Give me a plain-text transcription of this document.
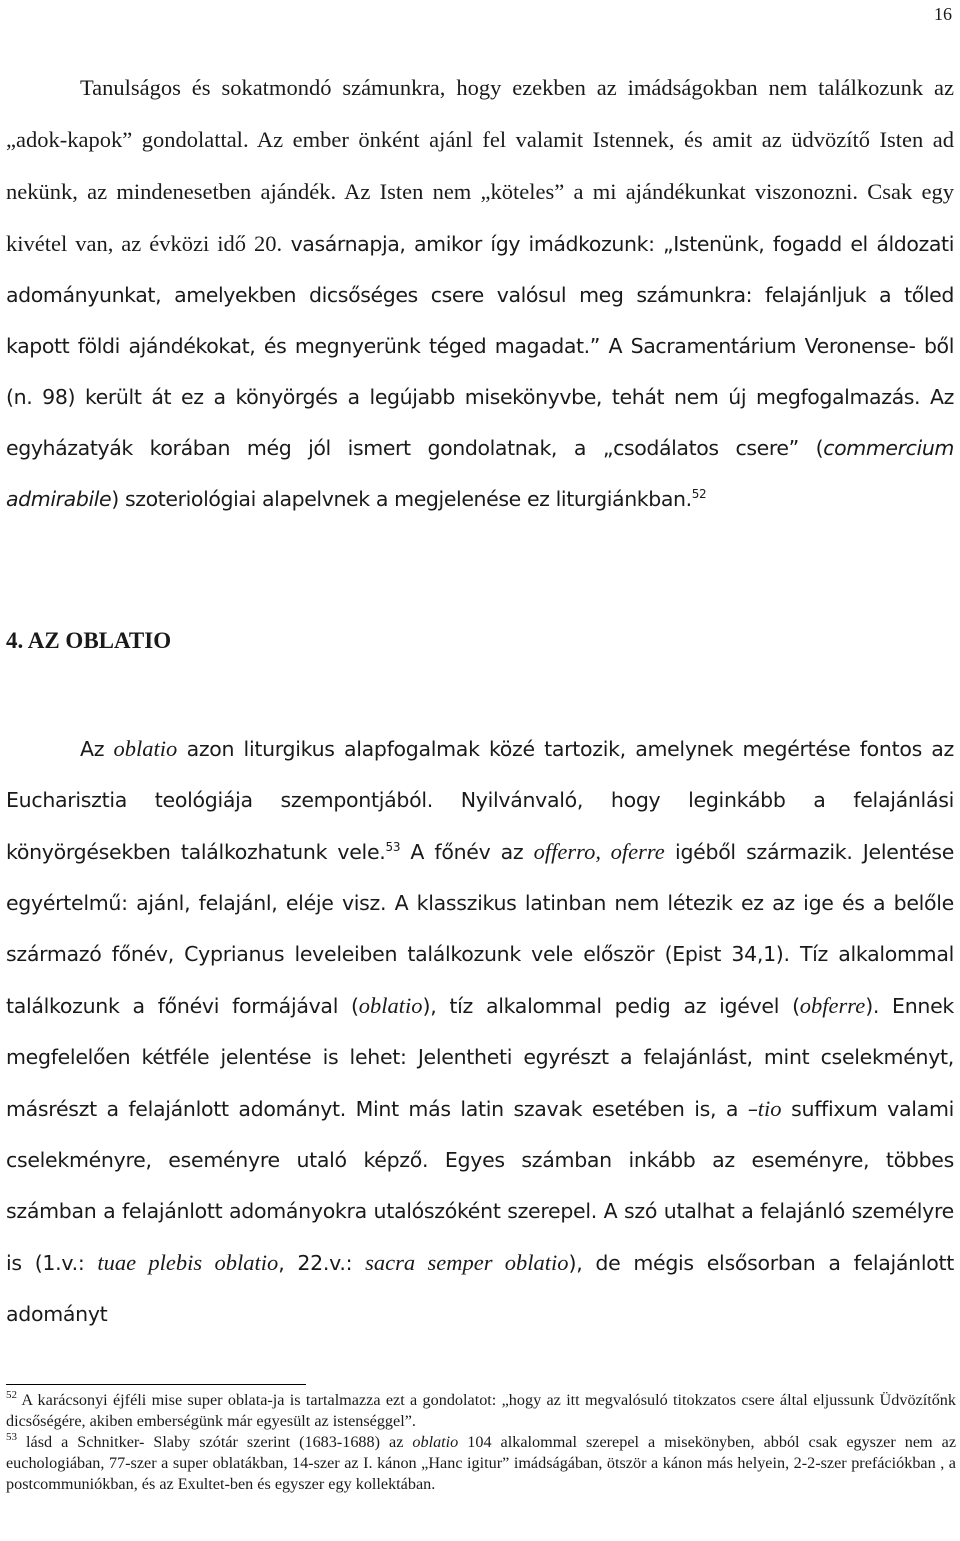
16

Tanulságos és sokatmondó számunkra, hogy ezekben az imádságokban nem találkozunk az „adok-kapok” gondolattal. Az ember önként ajánl fel valamit Istennek, és amit az üdvözítő Isten ad nekünk, az mindenesetben ajándék. Az Isten nem „köteles” a mi ajándékunkat viszonozni. Csak egy kivétel van, az évközi idő 20. vasárnapja, amikor így imádkozunk: „Istenünk, fogadd el áldozati adományunkat, amelyekben dicsőséges csere valósul meg számunkra: felajánljuk a tőled kapott földi ajándékokat, és megnyerünk téged magadat.” A Sacramentárium Veronense- ből (n. 98) került át ez a könyörgés a legújabb misekönyvbe, tehát nem új megfogalmazás. Az egyházatyák korában még jól ismert gondolatnak, a „csodálatos csere” (commercium admirabile) szoteriológiai alapelvnek a megjelenése ez liturgiánkban.$^{52}$

4. AZ OBLATIO

Az oblatio azon liturgikus alapfogalmak közé tartozik, amelynek megértése fontos az Eucharisztia teológiája szempontjából. Nyilvánvaló, hogy leginkább a felajánlási könyörgésekben találkozhatunk vele.$^{53}$ A főnév az offerro, oferre igéből származik. Jelentése egyértelmű: ajánl, felajánl, eléje visz. A klasszikus latinban nem létezik ez az ige és a belőle származó főnév, Cyprianus leveleiben találkozunk vele először (Epist 34,1). Tíz alkalommal találkozunk a főnévi formájával (oblatio), tíz alkalommal pedig az igével (obferre). Ennek megfelelően kétféle jelentése is lehet: Jelentheti egyrészt a felajánlást, mint cselekményt, másrészt a felajánlott adományt. Mint más latin szavak esetében is, a –tio suffixum valami cselekményre, eseményre utaló képző. Egyes számban inkább az eseményre, többes számban a felajánlott adományokra utalószóként szerepel. A szó utalhat a felajánló személyre is (1.v.: tuae plebis oblatio, 22.v.: sacra semper oblatio), de mégis elsősorban a felajánlott adományt

$^{52}$ A karácsonyi éjféli mise super oblata-ja is tartalmazza ezt a gondolatot: „hogy az itt megvalósuló titokzatos csere által eljussunk Üdvözítőnk dicsőségére, akiben emberségünk már egyesült az istenséggel”.

$^{53}$ lásd a Schnitker- Slaby szótár szerint (1683-1688) az oblatio 104 alkalommal szerepel a misekönyben, abból csak egyszer nem az euchologiában, 77-szer a super oblatákban, 14-szer az I. kánon „Hanc igitur” imádságában, ötször a kánon más helyein, 2-2-szer prefációkban , a postcommuniókban, és az Exultet-ben és egyszer egy kollektában.
